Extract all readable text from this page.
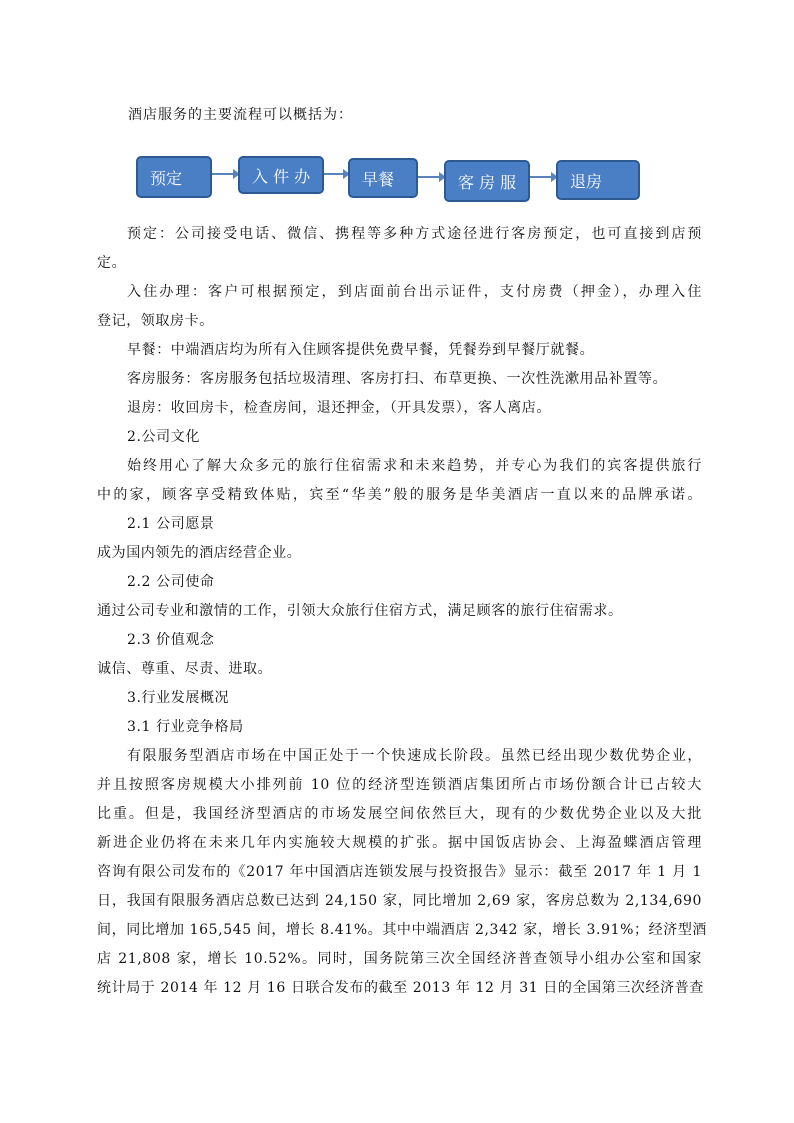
酒店服务的主要流程可以概括为：
预定	入 件 办	早餐	客 房 服	退房
预定：公司接受电话、微信、携程等多种方式途径进行客房预定，也可直接到店预
定。
入住办理：客户可根据预定，到店面前台出示证件，支付房费（押金），办理入住
登记，领取房卡。
早餐：中端酒店均为所有入住顾客提供免费早餐，凭餐券到早餐厅就餐。
客房服务：客房服务包括垃圾清理、客房打扫、布草更换、一次性洗漱用品补置等。
退房：收回房卡，检查房间，退还押金，（开具发票），客人离店。
2.公司文化
始终用心了解大众多元的旅行住宿需求和未来趋势，并专心为我们的宾客提供旅行
中的家，顾客享受精致体贴，宾至“华美”般的服务是华美酒店一直以来的品牌承诺。
2.1 公司愿景
成为国内领先的酒店经营企业。
2.2 公司使命
通过公司专业和激情的工作，引领大众旅行住宿方式，满足顾客的旅行住宿需求。
2.3 价值观念
诚信、尊重、尽责、进取。
3.行业发展概况
3.1 行业竞争格局
有限服务型酒店市场在中国正处于一个快速成长阶段。虽然已经出现少数优势企业，
并且按照客房规模大小排列前 10 位的经济型连锁酒店集团所占市场份额合计已占较大
比重。但是，我国经济型酒店的市场发展空间依然巨大，现有的少数优势企业以及大批
新进企业仍将在未来几年内实施较大规模的扩张。据中国饭店协会、上海盈蝶酒店管理
咨询有限公司发布的《2017 年中国酒店连锁发展与投资报告》显示：截至 2017 年 1 月 1
日，我国有限服务酒店总数已达到 24,150 家，同比增加 2,69 家，客房总数为 2,134,690
间，同比增加 165,545 间，增长 8.41%。其中中端酒店 2,342 家，增长 3.91%；经济型酒
店 21,808 家，增长 10.52%。同时，国务院第三次全国经济普查领导小组办公室和国家
统计局于 2014 年 12 月 16 日联合发布的截至 2013 年 12 月 31 日的全国第三次经济普查
